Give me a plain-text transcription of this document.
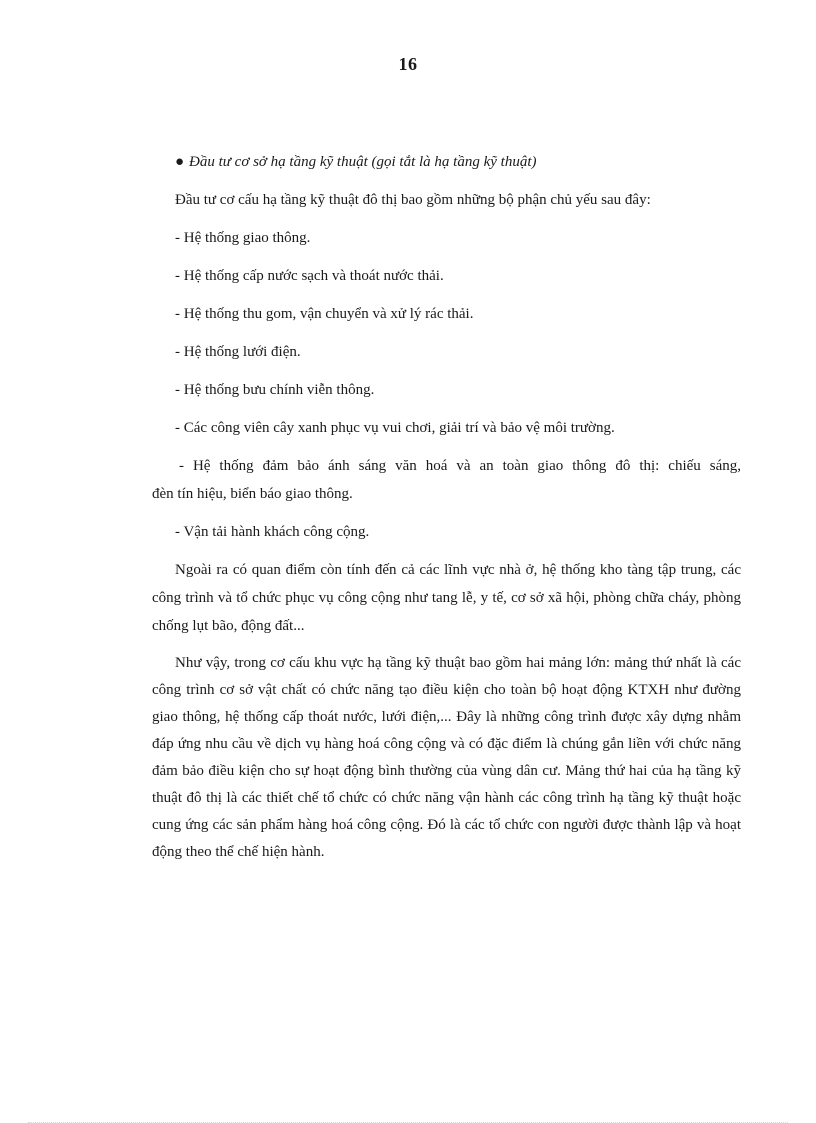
16

● Đầu tư cơ sở hạ tầng kỹ thuật (gọi tắt là hạ tầng kỹ thuật)

Đầu tư cơ cấu hạ tầng kỹ thuật đô thị bao gồm những bộ phận chủ yếu sau đây:

- Hệ thống giao thông.

- Hệ thống cấp nước sạch và thoát nước thải.

- Hệ thống thu gom, vận chuyển và xử lý rác thải.

- Hệ thống lưới điện.

- Hệ thống bưu chính viễn thông.

- Các công viên cây xanh phục vụ vui chơi, giải trí và bảo vệ môi trường.

- Hệ thống đảm bảo ánh sáng văn hoá và an toàn giao thông đô thị: chiếu sáng,
đèn tín hiệu, biển báo giao thông.

- Vận tải hành khách công cộng.

Ngoài ra có quan điểm còn tính đến cả các lĩnh vực nhà ở, hệ thống kho tàng tập trung, các công trình và tổ chức phục vụ công cộng như tang lễ, y tế, cơ sở xã hội, phòng chữa cháy, phòng chống lụt bão, động đất...

Như vậy, trong cơ cấu khu vực hạ tầng kỹ thuật bao gồm hai mảng lớn: mảng thứ nhất là các công trình cơ sở vật chất có chức năng tạo điều kiện cho toàn bộ hoạt động KTXH như đường giao thông, hệ thống cấp thoát nước, lưới điện,... Đây là những công trình được xây dựng nhằm đáp ứng nhu cầu về dịch vụ hàng hoá công cộng và có đặc điểm là chúng gắn liền với chức năng đảm bảo điều kiện cho sự hoạt động bình thường của vùng dân cư. Mảng thứ hai của hạ tầng kỹ thuật đô thị là các thiết chế tổ chức có chức năng vận hành các công trình hạ tầng kỹ thuật hoặc cung ứng các sản phẩm hàng hoá công cộng. Đó là các tổ chức con người được thành lập và hoạt động theo thể chế hiện hành.
